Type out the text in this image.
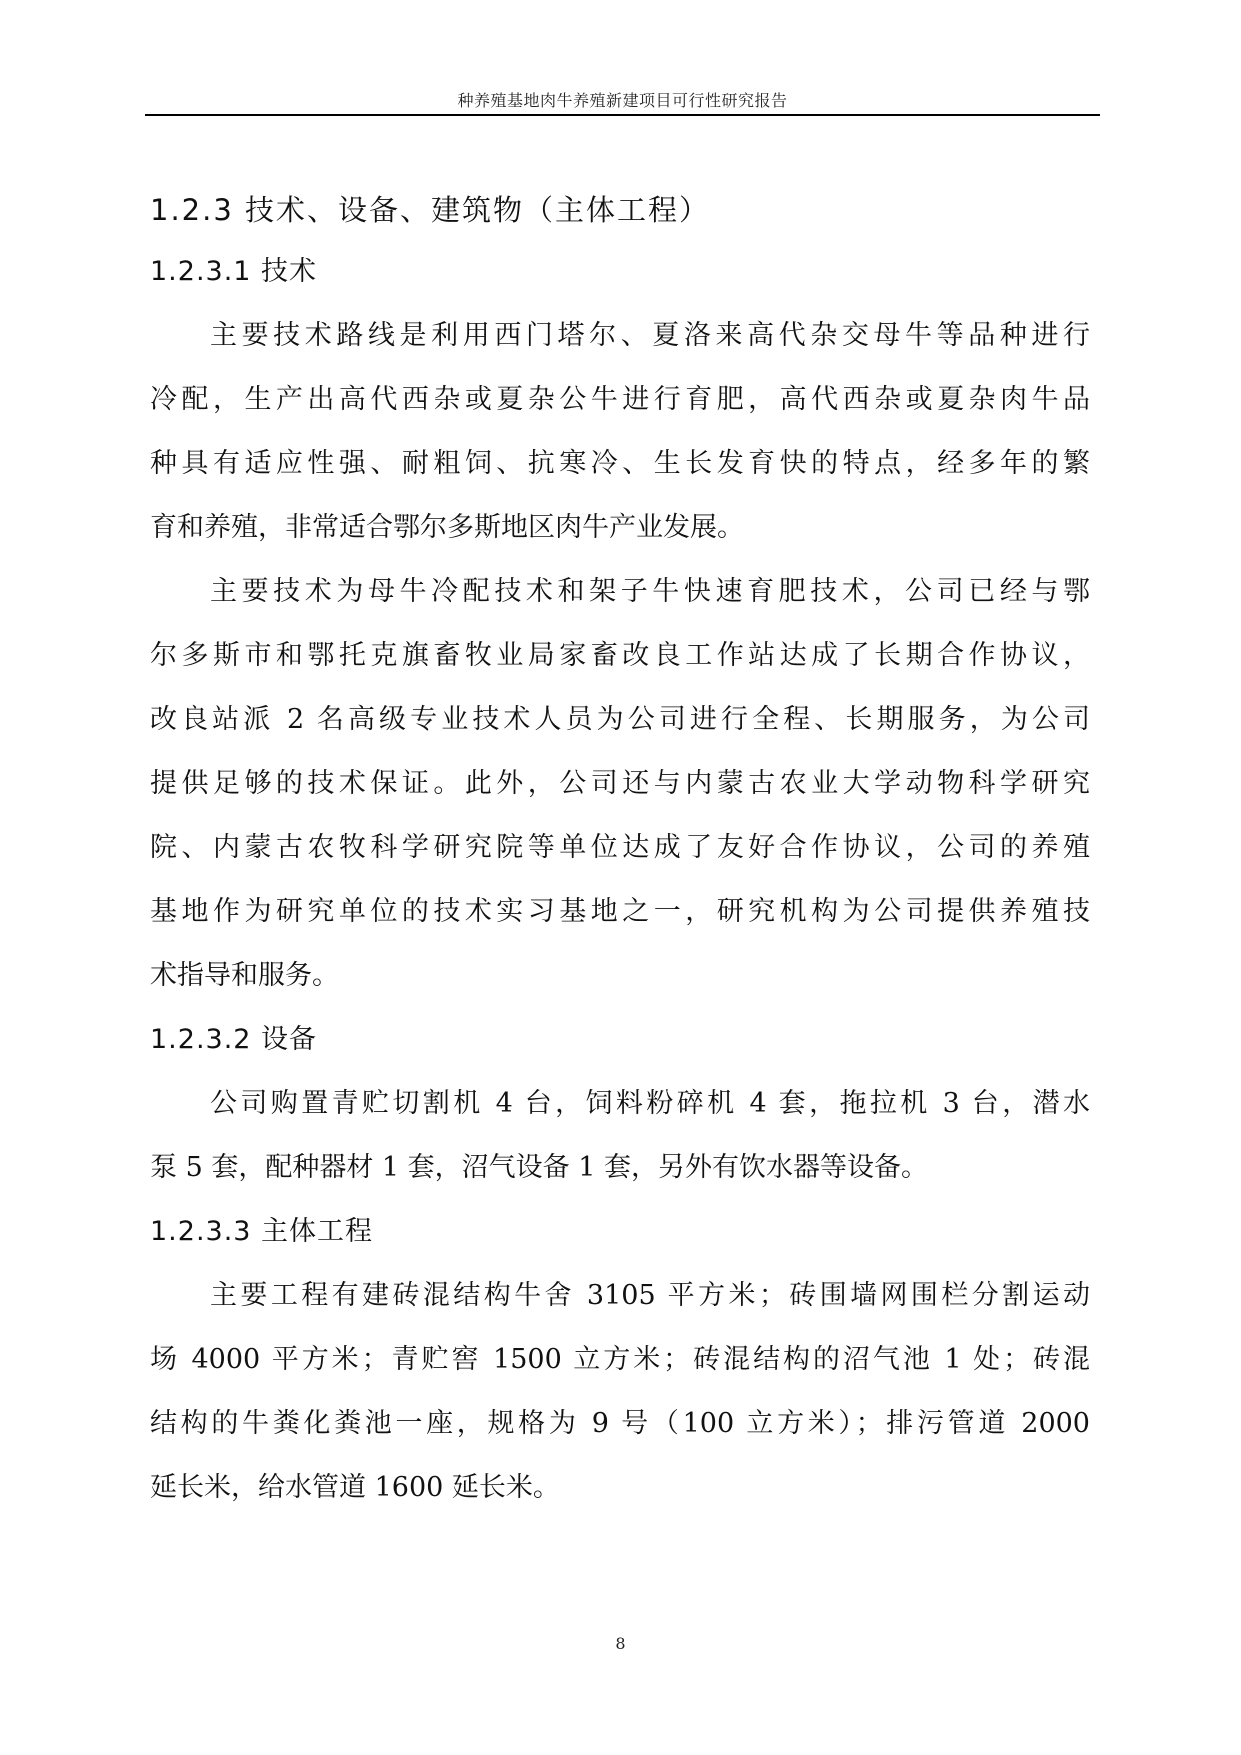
种养殖基地肉牛养殖新建项目可行性研究报告
1.2.3 技术、设备、建筑物（主体工程）
1.2.3.1 技术
主要技术路线是利用西门塔尔、夏洛来高代杂交母牛等品种进行
冷配，生产出高代西杂或夏杂公牛进行育肥，高代西杂或夏杂肉牛品
种具有适应性强、耐粗饲、抗寒冷、生长发育快的特点，经多年的繁
育和养殖，非常适合鄂尔多斯地区肉牛产业发展。
主要技术为母牛冷配技术和架子牛快速育肥技术，公司已经与鄂
尔多斯市和鄂托克旗畜牧业局家畜改良工作站达成了长期合作协议，
改良站派 2 名高级专业技术人员为公司进行全程、长期服务，为公司
提供足够的技术保证。此外，公司还与内蒙古农业大学动物科学研究
院、内蒙古农牧科学研究院等单位达成了友好合作协议，公司的养殖
基地作为研究单位的技术实习基地之一，研究机构为公司提供养殖技
术指导和服务。
1.2.3.2 设备
公司购置青贮切割机 4 台，饲料粉碎机 4 套，拖拉机 3 台，潜水
泵 5 套，配种器材 1 套，沼气设备 1 套，另外有饮水器等设备。
1.2.3.3 主体工程
主要工程有建砖混结构牛舍 3105 平方米；砖围墙网围栏分割运动
场 4000 平方米；青贮窖 1500 立方米；砖混结构的沼气池 1 处；砖混
结构的牛粪化粪池一座，规格为 9 号（100 立方米）；排污管道 2000
延长米，给水管道 1600 延长米。
8
